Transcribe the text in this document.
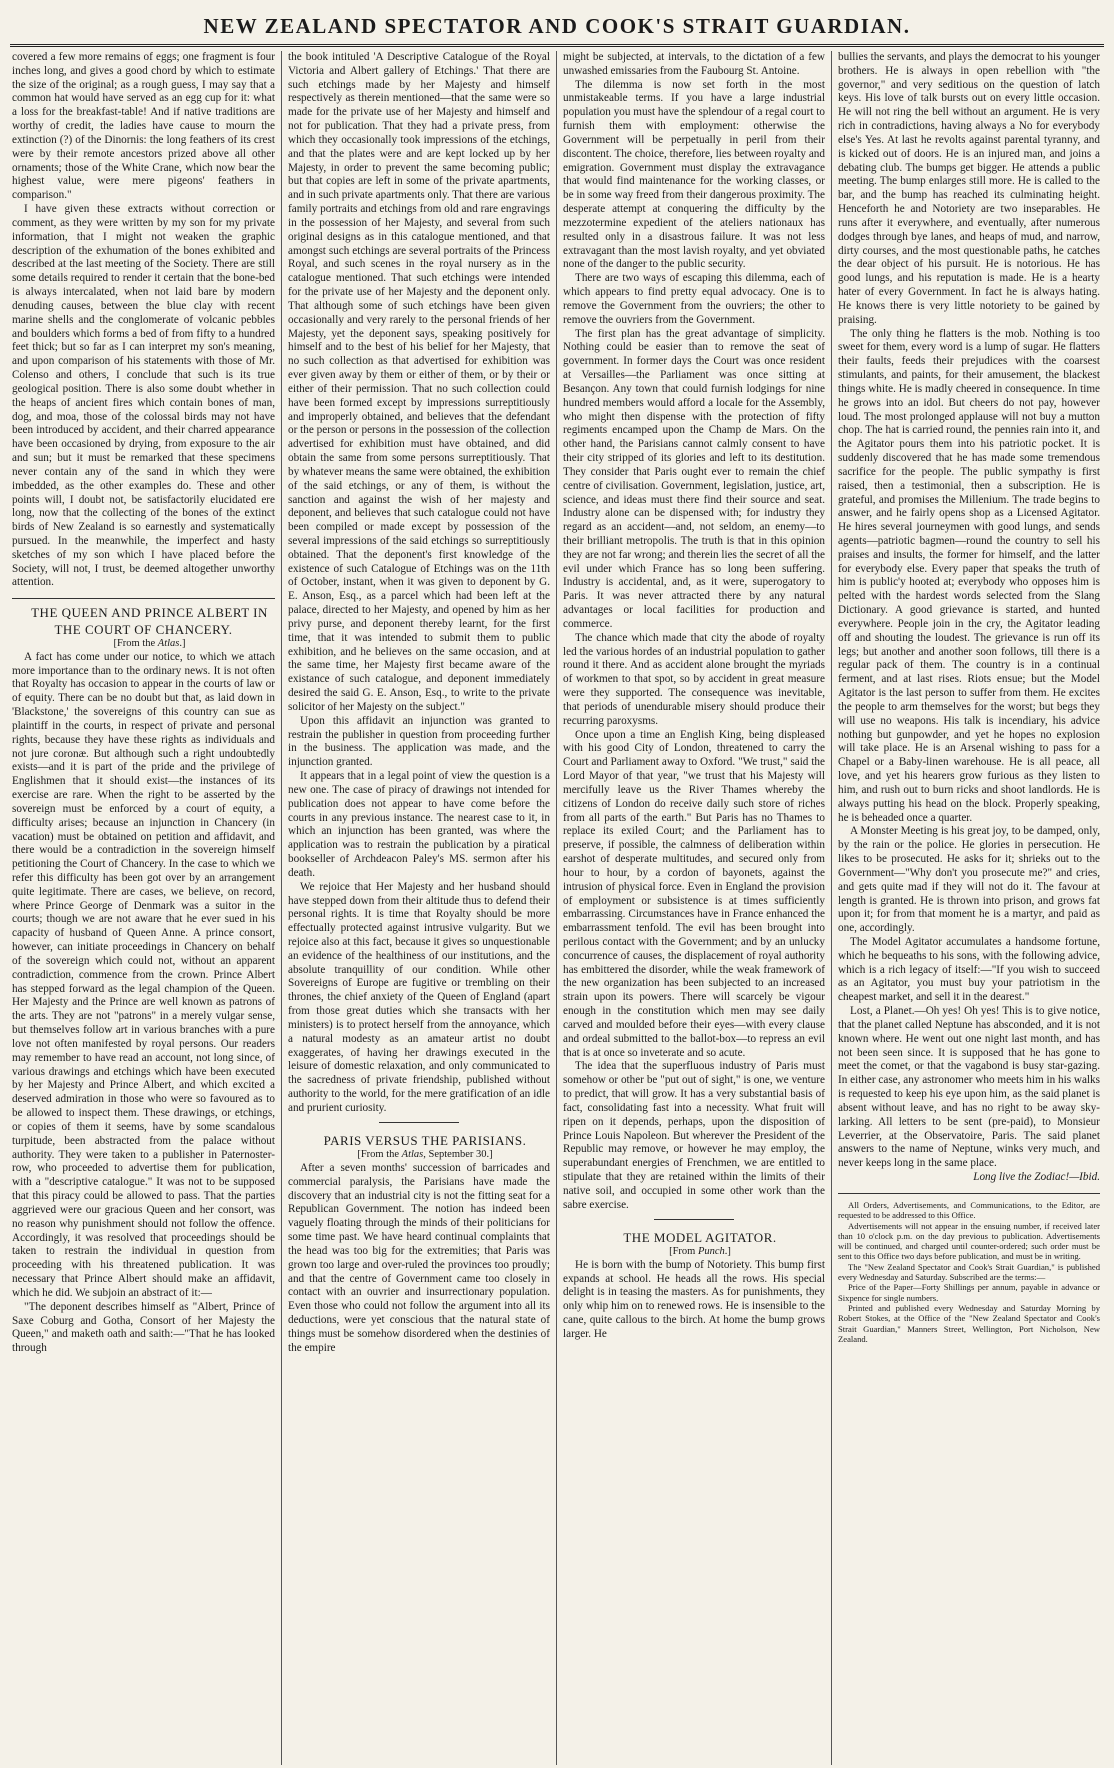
NEW ZEALAND SPECTATOR AND COOK'S STRAIT GUARDIAN.

covered a few more remains of eggs; one fragment is four inches long, and gives a good chord by which to estimate the size of the original; as a rough guess, I may say that a common hat would have served as an egg cup for it: what a loss for the breakfast-table! And if native traditions are worthy of credit, the ladies have cause to mourn the extinction (?) of the Dinornis: the long feathers of its crest were by their remote ancestors prized above all other ornaments; those of the White Crane, which now bear the highest value, were mere pigeons' feathers in comparison."

I have given these extracts without correction or comment, as they were written by my son for my private information, that I might not weaken the graphic description of the exhumation of the bones exhibited and described at the last meeting of the Society. There are still some details required to render it certain that the bone-bed is always intercalated, when not laid bare by modern denuding causes, between the blue clay with recent marine shells and the conglomerate of volcanic pebbles and boulders which forms a bed of from fifty to a hundred feet thick; but so far as I can interpret my son's meaning, and upon comparison of his statements with those of Mr. Colenso and others, I conclude that such is its true geological position. There is also some doubt whether in the heaps of ancient fires which contain bones of man, dog, and moa, those of the colossal birds may not have been introduced by accident, and their charred appearance have been occasioned by drying, from exposure to the air and sun; but it must be remarked that these specimens never contain any of the sand in which they were imbedded, as the other examples do. These and other points will, I doubt not, be satisfactorily elucidated ere long, now that the collecting of the bones of the extinct birds of New Zealand is so earnestly and systematically pursued. In the meanwhile, the imperfect and hasty sketches of my son which I have placed before the Society, will not, I trust, be deemed altogether unworthy attention.

THE QUEEN AND PRINCE ALBERT IN THE COURT OF CHANCERY.

[From the Atlas.]

A fact has come under our notice, to which we attach more importance than to the ordinary news. It is not often that Royalty has occasion to appear in the courts of law or of equity. There can be no doubt but that, as laid down in 'Blackstone,' the sovereigns of this country can sue as plaintiff in the courts, in respect of private and personal rights, because they have these rights as individuals and not jure coronæ. But although such a right undoubtedly exists—and it is part of the pride and the privilege of Englishmen that it should exist—the instances of its exercise are rare. When the right to be asserted by the sovereign must be enforced by a court of equity, a difficulty arises; because an injunction in Chancery (in vacation) must be obtained on petition and affidavit, and there would be a contradiction in the sovereign himself petitioning the Court of Chancery. In the case to which we refer this difficulty has been got over by an arrangement quite legitimate. There are cases, we believe, on record, where Prince George of Denmark was a suitor in the courts; though we are not aware that he ever sued in his capacity of husband of Queen Anne. A prince consort, however, can initiate proceedings in Chancery on behalf of the sovereign which could not, without an apparent contradiction, commence from the crown. Prince Albert has stepped forward as the legal champion of the Queen. Her Majesty and the Prince are well known as patrons of the arts. They are not "patrons" in a merely vulgar sense, but themselves follow art in various branches with a pure love not often manifested by royal persons. Our readers may remember to have read an account, not long since, of various drawings and etchings which have been executed by her Majesty and Prince Albert, and which excited a deserved admiration in those who were so favoured as to be allowed to inspect them. These drawings, or etchings, or copies of them it seems, have by some scandalous turpitude, been abstracted from the palace without authority. They were taken to a publisher in Paternoster-row, who proceeded to advertise them for publication, with a "descriptive catalogue." It was not to be supposed that this piracy could be allowed to pass. That the parties aggrieved were our gracious Queen and her consort, was no reason why punishment should not follow the offence. Accordingly, it was resolved that proceedings should be taken to restrain the individual in question from proceeding with his threatened publication. It was necessary that Prince Albert should make an affidavit, which he did. We subjoin an abstract of it:—

"The deponent describes himself as "Albert, Prince of Saxe Coburg and Gotha, Consort of her Majesty the Queen," and maketh oath and saith:—"That he has looked through

the book intituled 'A Descriptive Catalogue of the Royal Victoria and Albert gallery of Etchings.' That there are such etchings made by her Majesty and himself respectively as therein mentioned—that the same were so made for the private use of her Majesty and himself and not for publication. That they had a private press, from which they occasionally took impressions of the etchings, and that the plates were and are kept locked up by her Majesty, in order to prevent the same becoming public; but that copies are left in some of the private apartments, and in such private apartments only. That there are various family portraits and etchings from old and rare engravings in the possession of her Majesty, and several from such original designs as in this catalogue mentioned, and that amongst such etchings are several portraits of the Princess Royal, and such scenes in the royal nursery as in the catalogue mentioned. That such etchings were intended for the private use of her Majesty and the deponent only. That although some of such etchings have been given occasionally and very rarely to the personal friends of her Majesty, yet the deponent says, speaking positively for himself and to the best of his belief for her Majesty, that no such collection as that advertised for exhibition was ever given away by them or either of them, or by their or either of their permission. That no such collection could have been formed except by impressions surreptitiously and improperly obtained, and believes that the defendant or the person or persons in the possession of the collection advertised for exhibition must have obtained, and did obtain the same from some persons surreptitiously. That by whatever means the same were obtained, the exhibition of the said etchings, or any of them, is without the sanction and against the wish of her majesty and deponent, and believes that such catalogue could not have been compiled or made except by possession of the several impressions of the said etchings so surreptitiously obtained. That the deponent's first knowledge of the existence of such Catalogue of Etchings was on the 11th of October, instant, when it was given to deponent by G. E. Anson, Esq., as a parcel which had been left at the palace, directed to her Majesty, and opened by him as her privy purse, and deponent thereby learnt, for the first time, that it was intended to submit them to public exhibition, and he believes on the same occasion, and at the same time, her Majesty first became aware of the existance of such catalogue, and deponent immediately desired the said G. E. Anson, Esq., to write to the private solicitor of her Majesty on the subject."

Upon this affidavit an injunction was granted to restrain the publisher in question from proceeding further in the business. The application was made, and the injunction granted.

It appears that in a legal point of view the question is a new one. The case of piracy of drawings not intended for publication does not appear to have come before the courts in any previous instance. The nearest case to it, in which an injunction has been granted, was where the application was to restrain the publication by a piratical bookseller of Archdeacon Paley's MS. sermon after his death.

We rejoice that Her Majesty and her husband should have stepped down from their altitude thus to defend their personal rights. It is time that Royalty should be more effectually protected against intrusive vulgarity. But we rejoice also at this fact, because it gives so unquestionable an evidence of the healthiness of our institutions, and the absolute tranquillity of our condition. While other Sovereigns of Europe are fugitive or trembling on their thrones, the chief anxiety of the Queen of England (apart from those great duties which she transacts with her ministers) is to protect herself from the annoyance, which a natural modesty as an amateur artist no doubt exaggerates, of having her drawings executed in the leisure of domestic relaxation, and only communicated to the sacredness of private friendship, published without authority to the world, for the mere gratification of an idle and prurient curiosity.

PARIS VERSUS THE PARISIANS.

[From the Atlas, September 30.]

After a seven months' succession of barricades and commercial paralysis, the Parisians have made the discovery that an industrial city is not the fitting seat for a Republican Government. The notion has indeed been vaguely floating through the minds of their politicians for some time past. We have heard continual complaints that the head was too big for the extremities; that Paris was grown too large and over-ruled the provinces too proudly; and that the centre of Government came too closely in contact with an ouvrier and insurrectionary population. Even those who could not follow the argument into all its deductions, were yet conscious that the natural state of things must be somehow disordered when the destinies of the empire

might be subjected, at intervals, to the dictation of a few unwashed emissaries from the Faubourg St. Antoine.

The dilemma is now set forth in the most unmistakeable terms. If you have a large industrial population you must have the splendour of a regal court to furnish them with employment: otherwise the Government will be perpetually in peril from their discontent. The choice, therefore, lies between royalty and emigration. Government must display the extravagance that would find maintenance for the working classes, or be in some way freed from their dangerous proximity. The desperate attempt at conquering the difficulty by the mezzotermine expedient of the ateliers nationaux has resulted only in a disastrous failure. It was not less extravagant than the most lavish royalty, and yet obviated none of the danger to the public security.

There are two ways of escaping this dilemma, each of which appears to find pretty equal advocacy. One is to remove the Government from the ouvriers; the other to remove the ouvriers from the Government.

The first plan has the great advantage of simplicity. Nothing could be easier than to remove the seat of government. In former days the Court was once resident at Versailles—the Parliament was once sitting at Besançon. Any town that could furnish lodgings for nine hundred members would afford a locale for the Assembly, who might then dispense with the protection of fifty regiments encamped upon the Champ de Mars. On the other hand, the Parisians cannot calmly consent to have their city stripped of its glories and left to its destitution. They consider that Paris ought ever to remain the chief centre of civilisation. Government, legislation, justice, art, science, and ideas must there find their source and seat. Industry alone can be dispensed with; for industry they regard as an accident—and, not seldom, an enemy—to their brilliant metropolis. The truth is that in this opinion they are not far wrong; and therein lies the secret of all the evil under which France has so long been suffering. Industry is accidental, and, as it were, superogatory to Paris. It was never attracted there by any natural advantages or local facilities for production and commerce.

The chance which made that city the abode of royalty led the various hordes of an industrial population to gather round it there. And as accident alone brought the myriads of workmen to that spot, so by accident in great measure were they supported. The consequence was inevitable, that periods of unendurable misery should produce their recurring paroxysms.

Once upon a time an English King, being displeased with his good City of London, threatened to carry the Court and Parliament away to Oxford. "We trust," said the Lord Mayor of that year, "we trust that his Majesty will mercifully leave us the River Thames whereby the citizens of London do receive daily such store of riches from all parts of the earth." But Paris has no Thames to replace its exiled Court; and the Parliament has to preserve, if possible, the calmness of deliberation within earshot of desperate multitudes, and secured only from hour to hour, by a cordon of bayonets, against the intrusion of physical force. Even in England the provision of employment or subsistence is at times sufficiently embarrassing. Circumstances have in France enhanced the embarrassment tenfold. The evil has been brought into perilous contact with the Government; and by an unlucky concurrence of causes, the displacement of royal authority has embittered the disorder, while the weak framework of the new organization has been subjected to an increased strain upon its powers. There will scarcely be vigour enough in the constitution which men may see daily carved and moulded before their eyes—with every clause and ordeal submitted to the ballot-box—to repress an evil that is at once so inveterate and so acute.

The idea that the superfluous industry of Paris must somehow or other be "put out of sight," is one, we venture to predict, that will grow. It has a very substantial basis of fact, consolidating fast into a necessity. What fruit will ripen on it depends, perhaps, upon the disposition of Prince Louis Napoleon. But wherever the President of the Republic may remove, or however he may employ, the superabundant energies of Frenchmen, we are entitled to stipulate that they are retained within the limits of their native soil, and occupied in some other work than the sabre exercise.

THE MODEL AGITATOR.

[From Punch.]

He is born with the bump of Notoriety. This bump first expands at school. He heads all the rows. His special delight is in teasing the masters. As for punishments, they only whip him on to renewed rows. He is insensible to the cane, quite callous to the birch. At home the bump grows larger. He

bullies the servants, and plays the democrat to his younger brothers. He is always in open rebellion with "the governor," and very seditious on the question of latch keys. His love of talk bursts out on every little occasion. He will not ring the bell without an argument. He is very rich in contradictions, having always a No for everybody else's Yes. At last he revolts against parental tyranny, and is kicked out of doors. He is an injured man, and joins a debating club. The bumps get bigger. He attends a public meeting. The bump enlarges still more. He is called to the bar, and the bump has reached its culminating height. Henceforth he and Notoriety are two inseparables. He runs after it everywhere, and eventually, after numerous dodges through bye lanes, and heaps of mud, and narrow, dirty courses, and the most questionable paths, he catches the dear object of his pursuit. He is notorious. He has good lungs, and his reputation is made. He is a hearty hater of every Government. In fact he is always hating. He knows there is very little notoriety to be gained by praising.

The only thing he flatters is the mob. Nothing is too sweet for them, every word is a lump of sugar. He flatters their faults, feeds their prejudices with the coarsest stimulants, and paints, for their amusement, the blackest things white. He is madly cheered in consequence. In time he grows into an idol. But cheers do not pay, however loud. The most prolonged applause will not buy a mutton chop. The hat is carried round, the pennies rain into it, and the Agitator pours them into his patriotic pocket. It is suddenly discovered that he has made some tremendous sacrifice for the people. The public sympathy is first raised, then a testimonial, then a subscription. He is grateful, and promises the Millenium. The trade begins to answer, and he fairly opens shop as a Licensed Agitator. He hires several journeymen with good lungs, and sends agents—patriotic bagmen—round the country to sell his praises and insults, the former for himself, and the latter for everybody else. Every paper that speaks the truth of him is public'y hooted at; everybody who opposes him is pelted with the hardest words selected from the Slang Dictionary. A good grievance is started, and hunted everywhere. People join in the cry, the Agitator leading off and shouting the loudest. The grievance is run off its legs; but another and another soon follows, till there is a regular pack of them. The country is in a continual ferment, and at last rises. Riots ensue; but the Model Agitator is the last person to suffer from them. He excites the people to arm themselves for the worst; but begs they will use no weapons. His talk is incendiary, his advice nothing but gunpowder, and yet he hopes no explosion will take place. He is an Arsenal wishing to pass for a Chapel or a Baby-linen warehouse. He is all peace, all love, and yet his hearers grow furious as they listen to him, and rush out to burn ricks and shoot landlords. He is always putting his head on the block. Properly speaking, he is beheaded once a quarter.

A Monster Meeting is his great joy, to be damped, only, by the rain or the police. He glories in persecution. He likes to be prosecuted. He asks for it; shrieks out to the Government—"Why don't you prosecute me?" and cries, and gets quite mad if they will not do it. The favour at length is granted. He is thrown into prison, and grows fat upon it; for from that moment he is a martyr, and paid as one, accordingly.

The Model Agitator accumulates a handsome fortune, which he bequeaths to his sons, with the following advice, which is a rich legacy of itself:—"If you wish to succeed as an Agitator, you must buy your patriotism in the cheapest market, and sell it in the dearest."

Lost, a Planet.—Oh yes! Oh yes! This is to give notice, that the planet called Neptune has absconded, and it is not known where. He went out one night last month, and has not been seen since. It is supposed that he has gone to meet the comet, or that the vagabond is busy star-gazing. In either case, any astronomer who meets him in his walks is requested to keep his eye upon him, as the said planet is absent without leave, and has no right to be away sky-larking. All letters to be sent (pre-paid), to Monsieur Leverrier, at the Observatoire, Paris. The said planet answers to the name of Neptune, winks very much, and never keeps long in the same place.

Long live the Zodiac!—Ibid.

All Orders, Advertisements, and Communications, to the Editor, are requested to be addressed to this Office.

Advertisements will not appear in the ensuing number, if received later than 10 o'clock p.m. on the day previous to publication. Advertisements will be continued, and charged until counter-ordered; such order must be sent to this Office two days before publication, and must be in writing.

The "New Zealand Spectator and Cook's Strait Guardian," is published every Wednesday and Saturday. Subscribed are the terms:—

Price of the Paper—Forty Shillings per annum, payable in advance or Sixpence for single numbers.

Printed and published every Wednesday and Saturday Morning by Robert Stokes, at the Office of the "New Zealand Spectator and Cook's Strait Guardian," Manners Street, Wellington, Port Nicholson, New Zealand.
